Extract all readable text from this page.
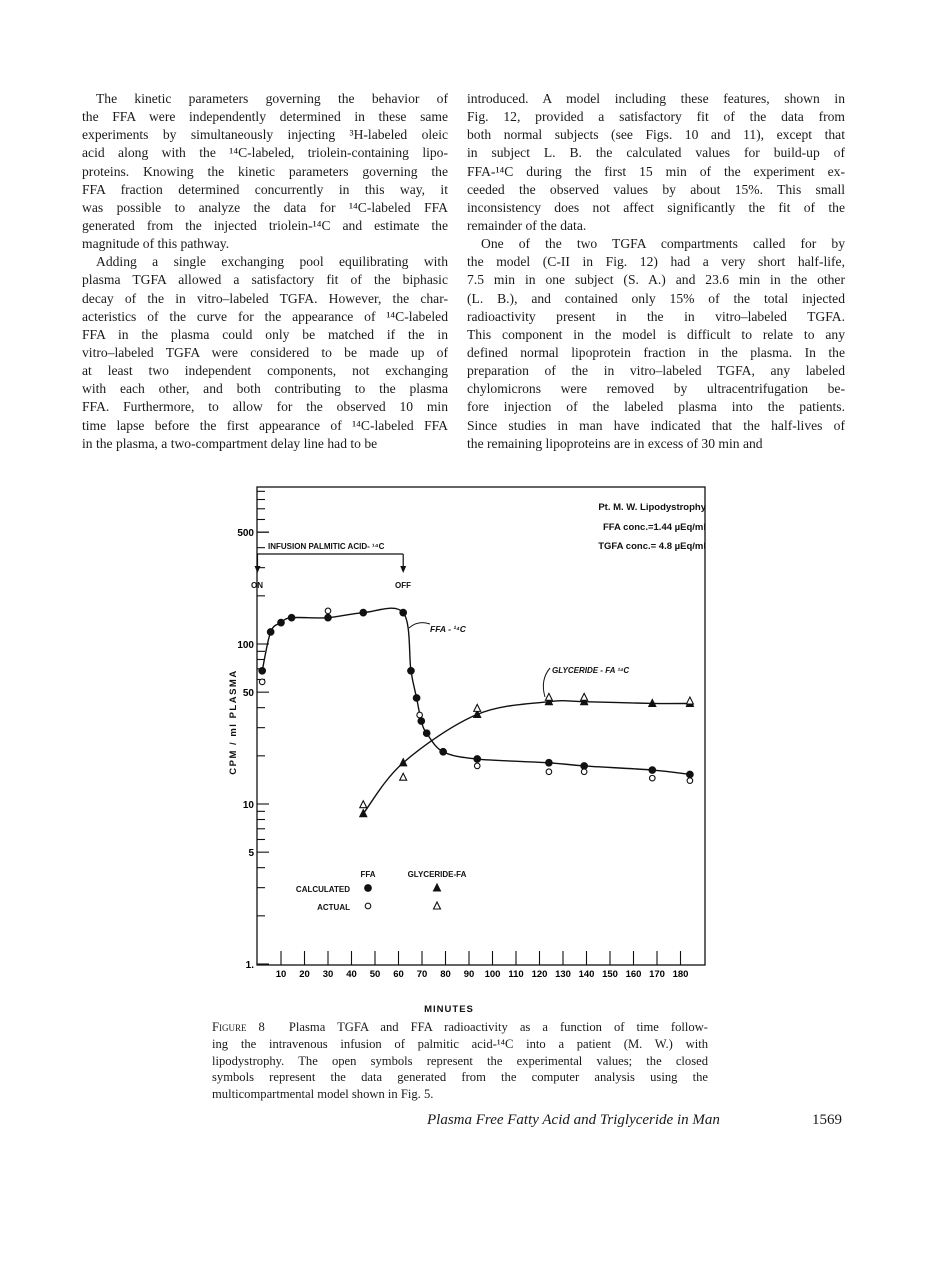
The kinetic parameters governing the behavior of
the FFA were independently determined in these same
experiments by simultaneously injecting ³H-labeled oleic
acid along with the ¹⁴C-labeled, triolein-containing lipo-
proteins. Knowing the kinetic parameters governing the
FFA fraction determined concurrently in this way, it
was possible to analyze the data for ¹⁴C-labeled FFA
generated from the injected triolein-¹⁴C and estimate the
magnitude of this pathway.
Adding a single exchanging pool equilibrating with
plasma TGFA allowed a satisfactory fit of the biphasic
decay of the in vitro–labeled TGFA. However, the char-
acteristics of the curve for the appearance of ¹⁴C-labeled
FFA in the plasma could only be matched if the in
vitro–labeled TGFA were considered to be made up of
at least two independent components, not exchanging
with each other, and both contributing to the plasma
FFA. Furthermore, to allow for the observed 10 min
time lapse before the first appearance of ¹⁴C-labeled FFA
in the plasma, a two-compartment delay line had to be
introduced. A model including these features, shown in
Fig. 12, provided a satisfactory fit of the data from
both normal subjects (see Figs. 10 and 11), except that
in subject L. B. the calculated values for build-up of
FFA-¹⁴C during the first 15 min of the experiment ex-
ceeded the observed values by about 15%. This small
inconsistency does not affect significantly the fit of the
remainder of the data.
One of the two TGFA compartments called for by
the model (C-II in Fig. 12) had a very short half-life,
7.5 min in one subject (S. A.) and 23.6 min in the other
(L. B.), and contained only 15% of the total injected
radioactivity present in the in vitro–labeled TGFA.
This component in the model is difficult to relate to any
defined normal lipoprotein fraction in the plasma. In the
preparation of the in vitro–labeled TGFA, any labeled
chylomicrons were removed by ultracentrifugation be-
fore injection of the labeled plasma into the patients.
Since studies in man have indicated that the half-lives of
the remaining lipoproteins are in excess of 30 min and
1.
5
10
50
100
500
10 20 30 40 50 60 70 80 90 100 110 120 130 140 150 160 170 180
Pt. M. W. Lipodystrophy
FFA conc.=1.44 µEq/ml
TGFA conc.= 4.8 µEq/ml
INFUSION PALMITIC ACID- ¹⁴C
ON	OFF
FFA - ¹⁴C
GLYCERIDE - FA ¹⁴C
FFA	GLYCERIDE-FA
CALCULATED
ACTUAL
MINUTES
CPM / ml PLASMA
Figure 8 Plasma TGFA and FFA radioactivity as a function of time follow-
ing the intravenous infusion of palmitic acid-¹⁴C into a patient (M. W.) with
lipodystrophy. The open symbols represent the experimental values; the closed
symbols represent the data generated from the computer analysis using the
multicompartmental model shown in Fig. 5.
Plasma Free Fatty Acid and Triglyceride in Man	1569
